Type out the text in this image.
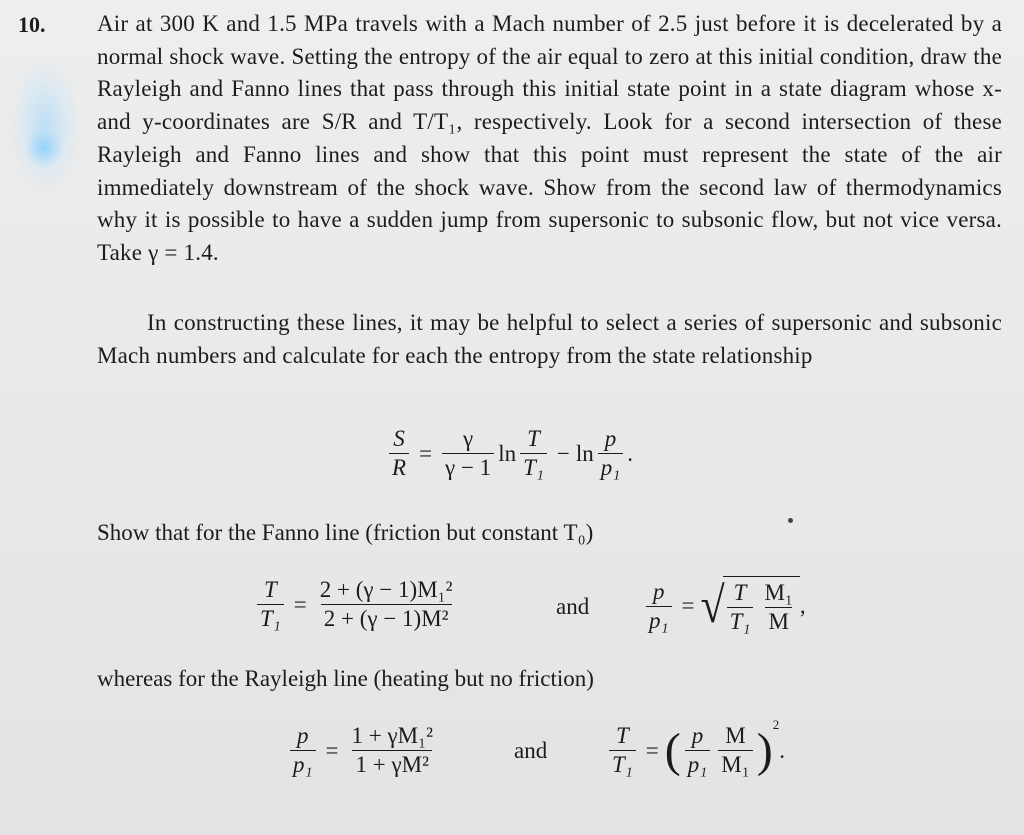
10. Air at 300 K and 1.5 MPa travels with a Mach number of 2.5 just before it is decelerated by a normal shock wave. Setting the entropy of the air equal to zero at this initial condition, draw the Rayleigh and Fanno lines that pass through this initial state point in a state diagram whose x- and y-coordinates are S/R and T/T₁, respectively. Look for a second intersection of these Rayleigh and Fanno lines and show that this point must represent the state of the air immediately downstream of the shock wave. Show from the second law of thermodynamics why it is possible to have a sudden jump from supersonic to subsonic flow, but not vice versa. Take γ = 1.4.
In constructing these lines, it may be helpful to select a series of supersonic and subsonic Mach numbers and calculate for each the entropy from the state relationship
$\frac{S}{R} = \frac{\gamma}{\gamma - 1}$ $\ln \frac{T}{\text{T₁}} - \ln \frac{p}{\text{p₁}}$ .
Show that for the Fanno line (friction but constant T₀)
$\frac{T}{\text{T₁}} = \frac{\text{2 + (γ − 1)M₁²}}{\text{2 + (γ − 1)M²}}$	and $\frac{p}{\text{p₁}}$ = √ $\frac{T}{\text{T₁}} \frac{\text{M₁}}{M}$ ,
whereas for the Rayleigh line (heating but no friction)
$\frac{p}{\text{p₁}} = \frac{\text{1 + γM₁²}}{\text{1 + γM²}}$	and	$\frac{T}{\text{T₁}}$ = ( $\frac{p}{\text{p₁}} \frac{M}{\text{M₁}}$ ) 2
.
